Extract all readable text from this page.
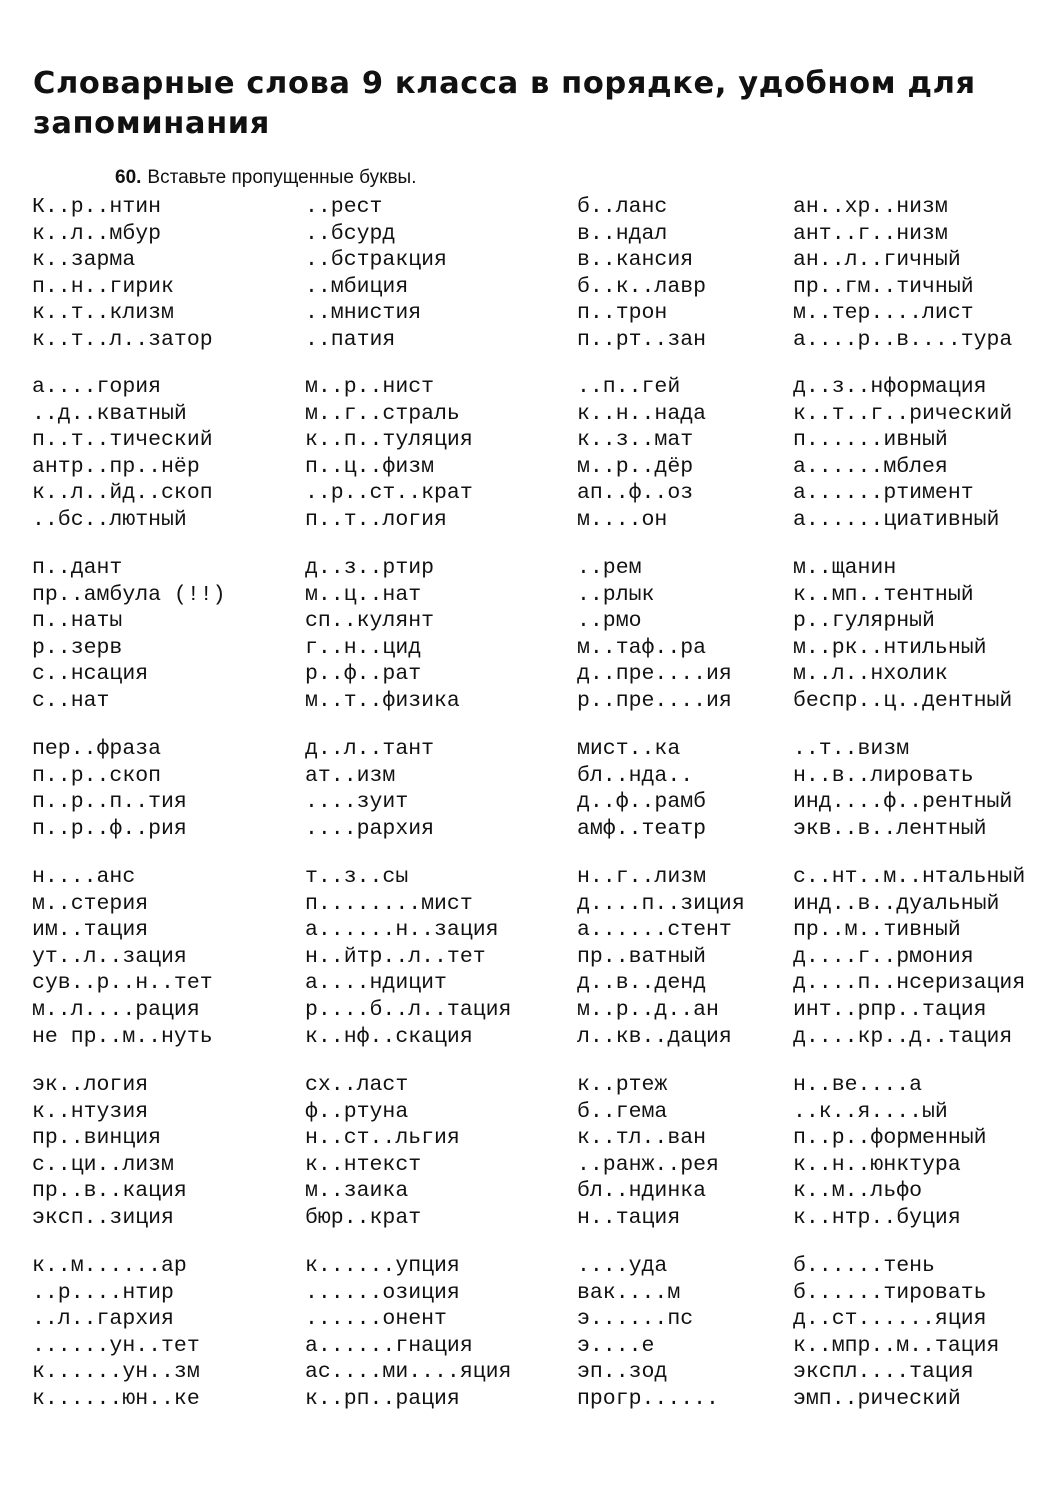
Словарные слова 9 класса в порядке, удобном для запоминания
60. Вставьте пропущенные буквы.
К..р..нтин
к..л..мбур
к..зарма
п..н..гирик
к..т..клизм
к..т..л..затор
..рест
..бсурд
..бстракция
..мбиция
..мнистия
..патия
б..ланс
в..ндал
в..кансия
б..к..лавр
п..трон
п..рт..зан
ан..хр..низм
ант..г..низм
ан..л..гичный
пр..гм..тичный
м..тер....лист
а....р..в....тура
а....гория
..д..кватный
п..т..тический
антр..пр..нёр
к..л..йд..скоп
..бс..лютный
м..р..нист
м..г..страль
к..п..туляция
п..ц..физм
..р..ст..крат
п..т..логия
..п..гей
к..н..нада
к..з..мат
м..р..дёр
ап..ф..оз
м....он
д..з..нформация
к..т..г..рический
п......ивный
а......мблея
а......ртимент
а......циативный
п..дант
пр..амбула (!!)
п..наты
р..зерв
с..нсация
с..нат
д..з..ртир
м..ц..нат
сп..кулянт
г..н..цид
р..ф..рат
м..т..физика
..рем
..рлык
..рмо
м..таф..ра
д..пре....ия
р..пре....ия
м..щанин
к..мп..тентный
р..гулярный
м..рк..нтильный
м..л..нхолик
беспр..ц..дентный
пер..фраза
п..р..скоп
п..р..п..тия
п..р..ф..рия
д..л..тант
ат..изм
....зуит
....рархия
мист..ка
бл..нда..
д..ф..рамб
амф..театр
..т..визм
н..в..лировать
инд....ф..рентный
экв..в..лентный
н....анс
м..стерия
им..тация
ут..л..зация
сув..р..н..тет
м..л....рация
не пр..м..нуть
т..з..сы
п........мист
а......н..зация
н..йтр..л..тет
а....ндицит
р....б..л..тация
к..нф..скация
н..г..лизм
д....п..зиция
а......стент
пр..ватный
д..в..денд
м..р..д..ан
л..кв..дация
с..нт..м..нтальный
инд..в..дуальный
пр..м..тивный
д....г..рмония
д....п..нсеризация
инт..рпр..тация
д....кр..д..тация
эк..логия
к..нтузия
пр..винция
с..ци..лизм
пр..в..кация
эксп..зиция
сх..ласт
ф..ртуна
н..ст..льгия
к..нтекст
м..заика
бюр..крат
к..ртеж
б..гема
к..тл..ван
..ранж..рея
бл..ндинка
н..тация
н..ве....а
..к..я....ый
п..р..форменный
к..н..юнктура
к..м..льфо
к..нтр..буция
к..м......ар
..р....нтир
..л..гархия
......ун..тет
к......ун..зм
к......юн..ке
к......упция
......озиция
......онент
а......гнация
ас....ми....яция
к..рп..рация
....уда
вак....м
э......пс
э....е
эп..зод
прогр......
б......тень
б......тировать
д..ст......яция
к..мпр..м..тация
экспл....тация
эмп..рический
